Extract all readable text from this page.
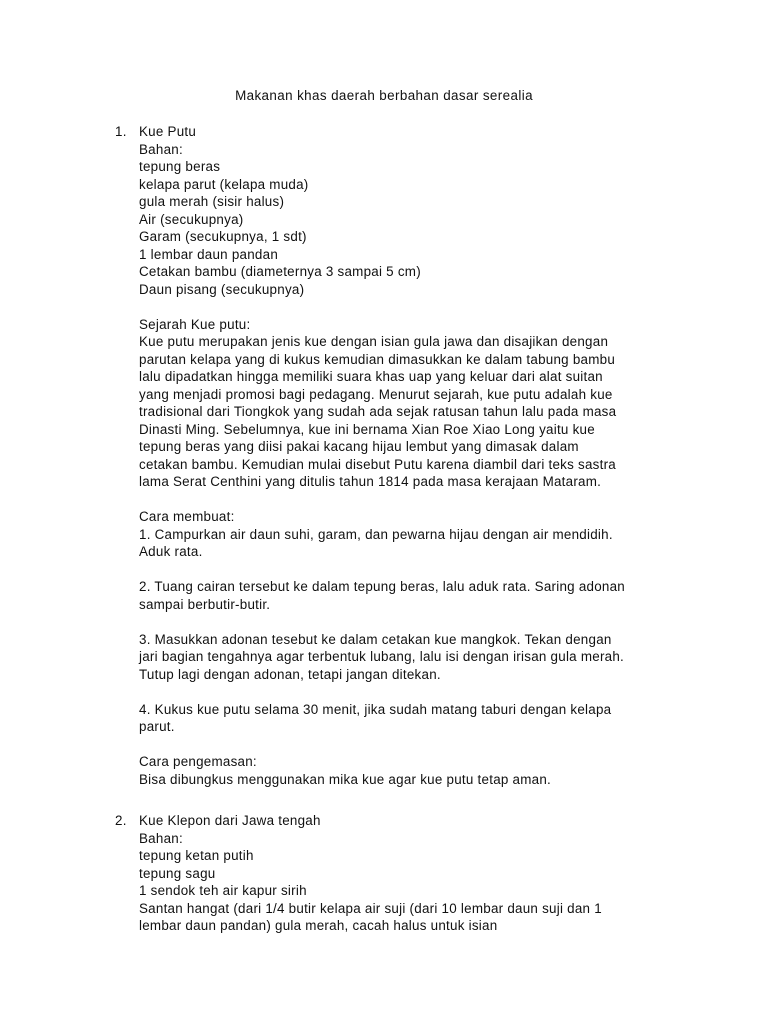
Makanan khas daerah berbahan dasar serealia
1. Kue Putu
Bahan:
tepung beras
kelapa parut (kelapa muda)
gula merah (sisir halus)
Air (secukupnya)
Garam (secukupnya, 1 sdt)
1 lembar daun pandan
Cetakan bambu (diameternya 3 sampai 5 cm)
Daun pisang (secukupnya)
Sejarah Kue putu:
Kue putu merupakan jenis kue dengan isian gula jawa dan disajikan dengan
parutan kelapa yang di kukus kemudian dimasukkan ke dalam tabung bambu
lalu dipadatkan hingga memiliki suara khas uap yang keluar dari alat suitan
yang menjadi promosi bagi pedagang. Menurut sejarah, kue putu adalah kue
tradisional dari Tiongkok yang sudah ada sejak ratusan tahun lalu pada masa
Dinasti Ming. Sebelumnya, kue ini bernama Xian Roe Xiao Long yaitu kue
tepung beras yang diisi pakai kacang hijau lembut yang dimasak dalam
cetakan bambu. Kemudian mulai disebut Putu karena diambil dari teks sastra
lama Serat Centhini yang ditulis tahun 1814 pada masa kerajaan Mataram.
Cara membuat:
1. Campurkan air daun suhi, garam, dan pewarna hijau dengan air mendidih.
Aduk rata.
2. Tuang cairan tersebut ke dalam tepung beras, lalu aduk rata. Saring adonan
sampai berbutir-butir.
3. Masukkan adonan tesebut ke dalam cetakan kue mangkok. Tekan dengan
jari bagian tengahnya agar terbentuk lubang, lalu isi dengan irisan gula merah.
Tutup lagi dengan adonan, tetapi jangan ditekan.
4. Kukus kue putu selama 30 menit, jika sudah matang taburi dengan kelapa
parut.
Cara pengemasan:
Bisa dibungkus menggunakan mika kue agar kue putu tetap aman.
2. Kue Klepon dari Jawa tengah
Bahan:
tepung ketan putih
tepung sagu
1 sendok teh air kapur sirih
Santan hangat (dari 1/4 butir kelapa air suji (dari 10 lembar daun suji dan 1
lembar daun pandan) gula merah, cacah halus untuk isian
